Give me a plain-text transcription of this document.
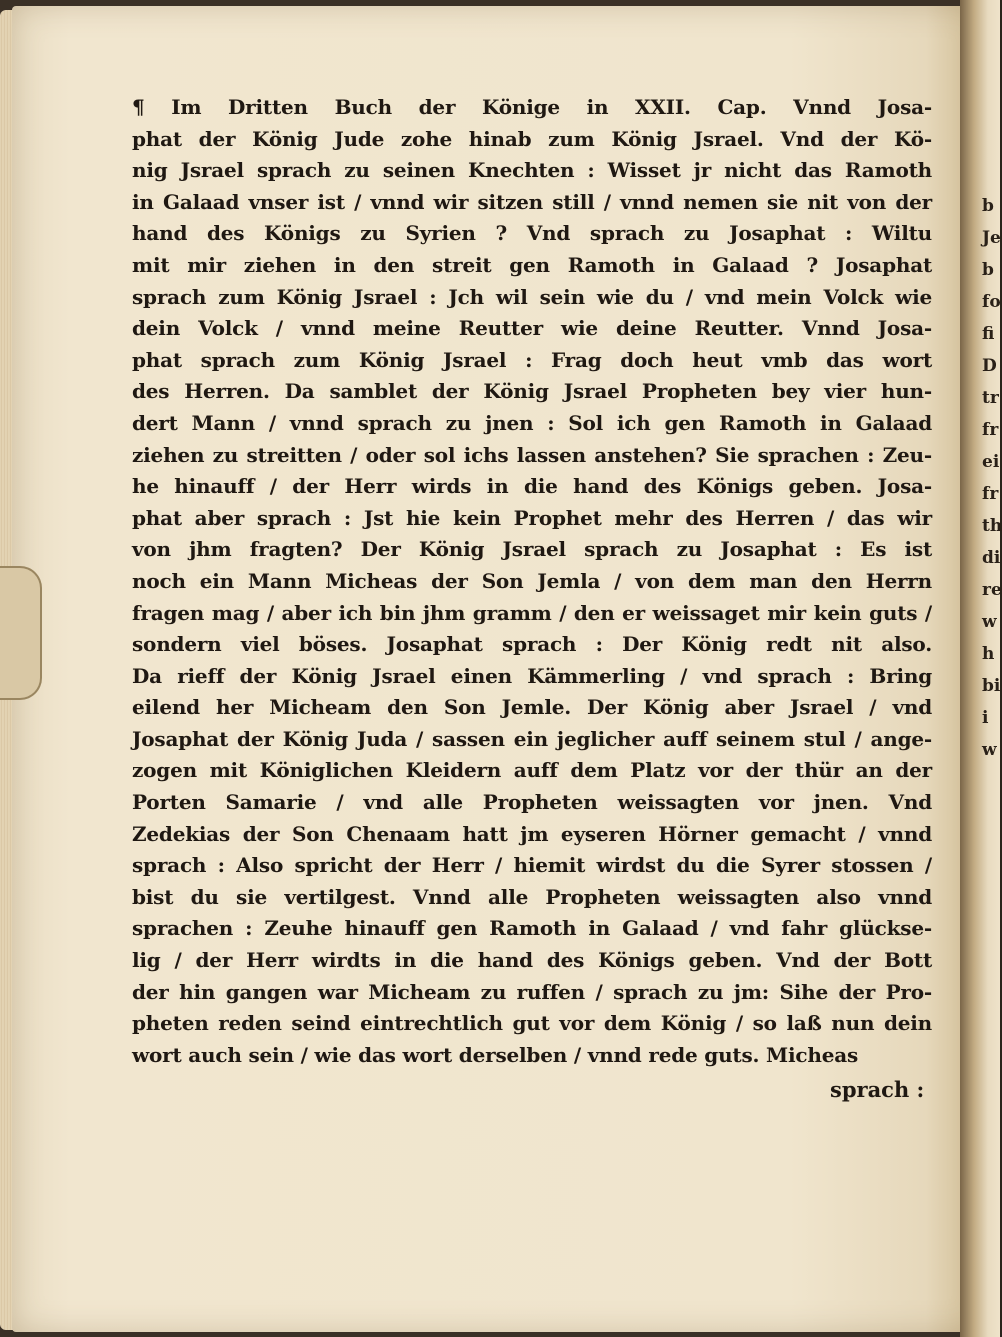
b
Je
b
fo
fi
D
tr
fr
ei
fr
th
di
re
w
h
bi
i
w
¶ Im Dritten Buch der Könige in XXII. Cap. Vnnd Josa-
phat der König Jude zohe hinab zum König Jsrael. Vnd der Kö-
nig Jsrael sprach zu seinen Knechten : Wisset jr nicht das Ramoth
in Galaad vnser ist / vnnd wir sitzen still / vnnd nemen sie nit von der
hand des Königs zu Syrien ? Vnd sprach zu Josaphat : Wiltu
mit mir ziehen in den streit gen Ramoth in Galaad ? Josaphat
sprach zum König Jsrael : Jch wil sein wie du / vnd mein Volck wie
dein Volck / vnnd meine Reutter wie deine Reutter. Vnnd Josa-
phat sprach zum König Jsrael : Frag doch heut vmb das wort
des Herren. Da samblet der König Jsrael Propheten bey vier hun-
dert Mann / vnnd sprach zu jnen : Sol ich gen Ramoth in Galaad
ziehen zu streitten / oder sol ichs lassen anstehen? Sie sprachen : Zeu-
he hinauff / der Herr wirds in die hand des Königs geben. Josa-
phat aber sprach : Jst hie kein Prophet mehr des Herren / das wir
von jhm fragten? Der König Jsrael sprach zu Josaphat : Es ist
noch ein Mann Micheas der Son Jemla / von dem man den Herrn
fragen mag / aber ich bin jhm gramm / den er weissaget mir kein guts /
sondern viel böses. Josaphat sprach : Der König redt nit also.
Da rieff der König Jsrael einen Kämmerling / vnd sprach : Bring
eilend her Micheam den Son Jemle. Der König aber Jsrael / vnd
Josaphat der König Juda / sassen ein jeglicher auff seinem stul / ange-
zogen mit Königlichen Kleidern auff dem Platz vor der thür an der
Porten Samarie / vnd alle Propheten weissagten vor jnen. Vnd
Zedekias der Son Chenaam hatt jm eyseren Hörner gemacht / vnnd
sprach : Also spricht der Herr / hiemit wirdst du die Syrer stossen /
bist du sie vertilgest. Vnnd alle Propheten weissagten also vnnd
sprachen : Zeuhe hinauff gen Ramoth in Galaad / vnd fahr glückse-
lig / der Herr wirdts in die hand des Königs geben. Vnd der Bott
der hin gangen war Micheam zu ruffen / sprach zu jm: Sihe der Pro-
pheten reden seind eintrechtlich gut vor dem König / so laß nun dein
wort auch sein / wie das wort derselben / vnnd rede guts. Micheas
sprach :
